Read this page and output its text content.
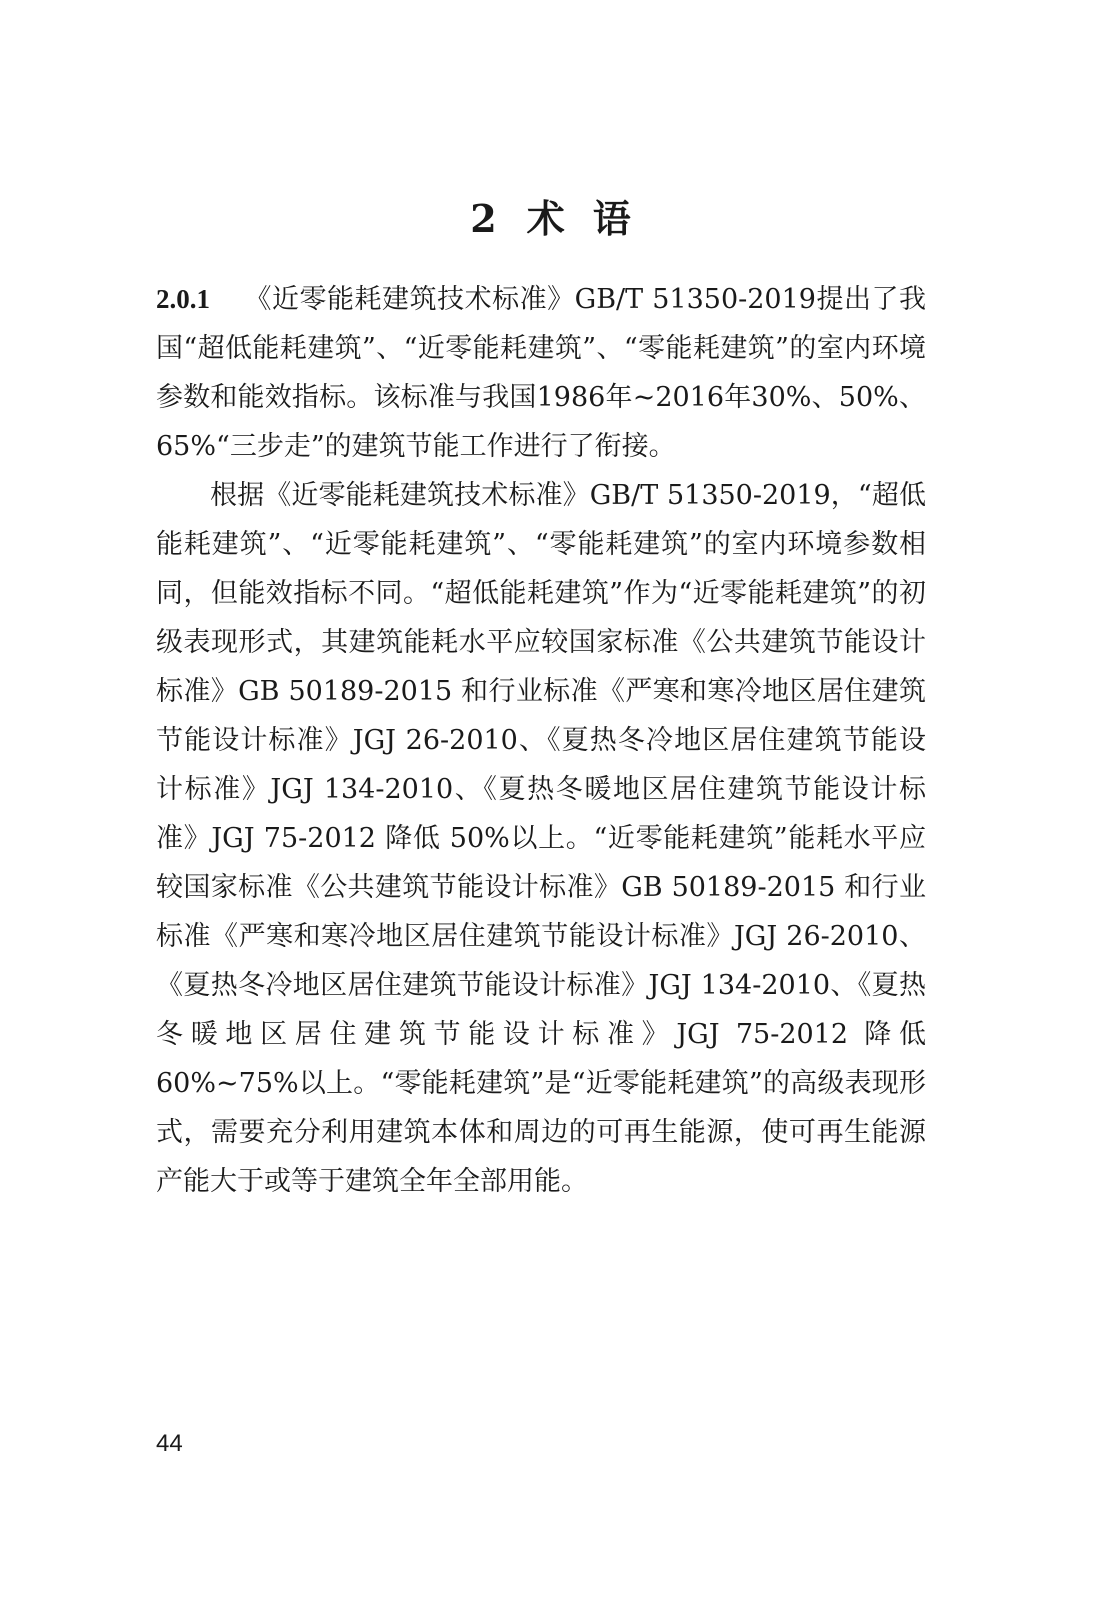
2 术 语

2.0.1 《近零能耗建筑技术标准》GB/T 51350-2019提出了我国“超低能耗建筑”、“近零能耗建筑”、“零能耗建筑”的室内环境参数和能效指标。该标准与我国1986年~2016年30%、50%、65%“三步走”的建筑节能工作进行了衔接。

根据《近零能耗建筑技术标准》GB/T 51350-2019，“超低能耗建筑”、“近零能耗建筑”、“零能耗建筑”的室内环境参数相同，但能效指标不同。“超低能耗建筑”作为“近零能耗建筑”的初级表现形式，其建筑能耗水平应较国家标准《公共建筑节能设计标准》GB 50189-2015 和行业标准《严寒和寒冷地区居住建筑节能设计标准》JGJ 26-2010、《夏热冬冷地区居住建筑节能设计标准》JGJ 134-2010、《夏热冬暖地区居住建筑节能设计标准》JGJ 75-2012 降低 50%以上。“近零能耗建筑”能耗水平应较国家标准《公共建筑节能设计标准》GB 50189-2015 和行业标准《严寒和寒冷地区居住建筑节能设计标准》JGJ 26-2010、《夏热冬冷地区居住建筑节能设计标准》JGJ 134-2010、《夏热冬暖地区居住建筑节能设计标准》JGJ 75-2012 降低 60%~75%以上。“零能耗建筑”是“近零能耗建筑”的高级表现形式，需要充分利用建筑本体和周边的可再生能源，使可再生能源产能大于或等于建筑全年全部用能。

44
